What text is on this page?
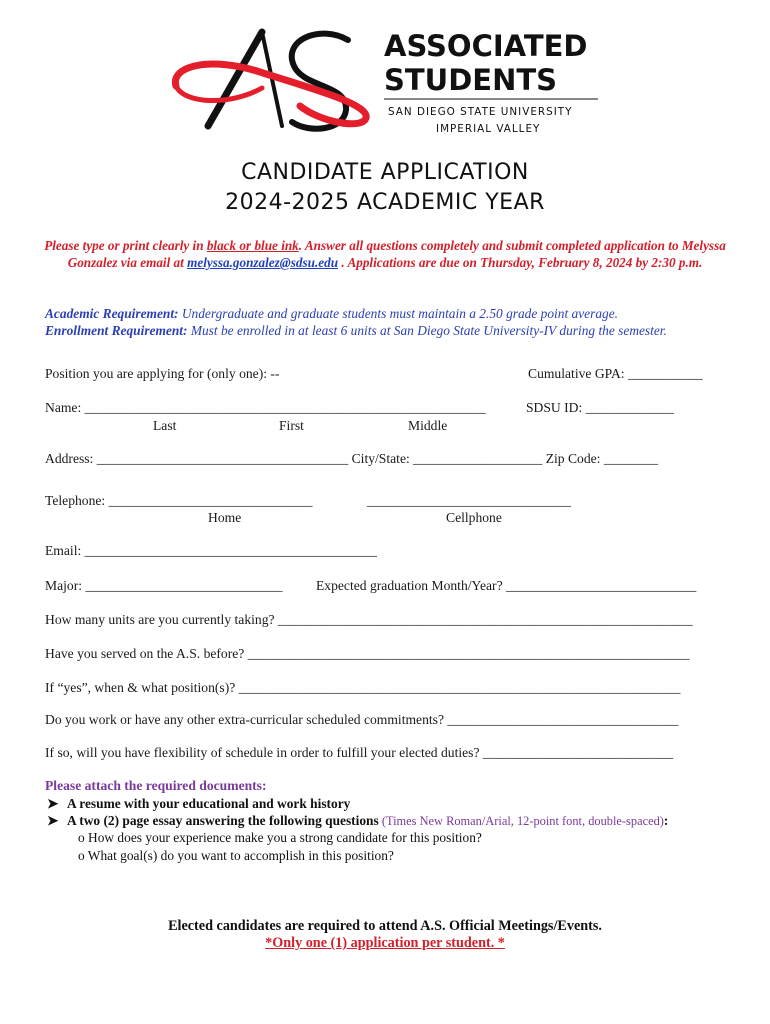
ASSOCIATED
STUDENTS
SAN DIEGO STATE UNIVERSITY
IMPERIAL VALLEY
CANDIDATE APPLICATION
2024-2025 ACADEMIC YEAR
Please type or print clearly in black or blue ink. Answer all questions completely and submit completed application to Melyssa Gonzalez via email at melyssa.gonzalez@sdsu.edu . Applications are due on Thursday, February 8, 2024 by 2:30 p.m.
Academic Requirement: Undergraduate and graduate students must maintain a 2.50 grade point average.
Enrollment Requirement: Must be enrolled in at least 6 units at San Diego State University-IV during the semester.
Position you are applying for (only one): --	Cumulative GPA: ___________
Name: ___________________________________________________________	SDSU ID: _____________
Last	First	Middle
Address: _____________________________________ City/State: ___________________ Zip Code: ________
Telephone: ______________________________	______________________________
Home	Cellphone
Email: ___________________________________________
Major: _____________________________ Expected graduation Month/Year? ____________________________
How many units are you currently taking? _____________________________________________________________
Have you served on the A.S. before? _________________________________________________________________
If “yes”, when & what position(s)? _________________________________________________________________
Do you work or have any other extra-curricular scheduled commitments? __________________________________
If so, will you have flexibility of schedule in order to fulfill your elected duties? ____________________________
Please attach the required documents:
➤ A resume with your educational and work history
➤ A two (2) page essay answering the following questions (Times New Roman/Arial, 12-point font, double-spaced):
o How does your experience make you a strong candidate for this position?
o What goal(s) do you want to accomplish in this position?
Elected candidates are required to attend A.S. Official Meetings/Events.
*Only one (1) application per student. *
